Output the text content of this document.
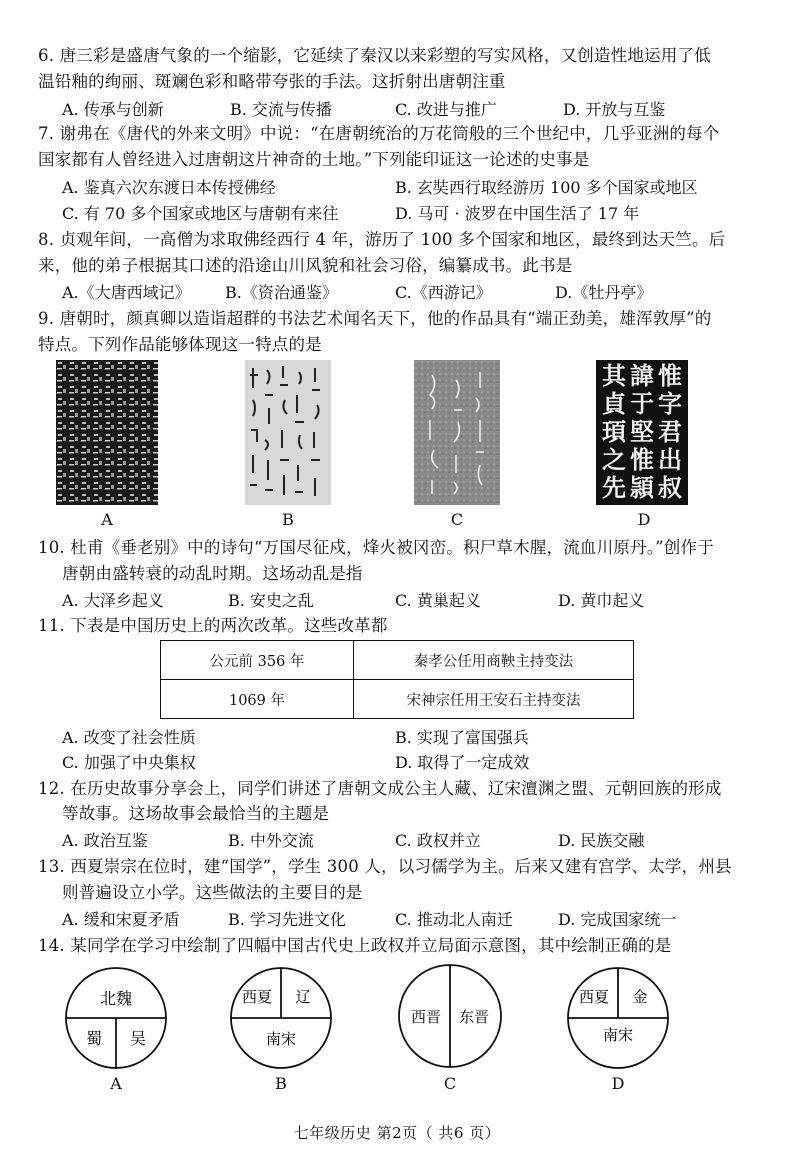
6. 唐三彩是盛唐气象的一个缩影，它延续了秦汉以来彩塑的写实风格，又创造性地运用了低
温铅釉的绚丽、斑斓色彩和略带夸张的手法。这折射出唐朝注重
A. 传承与创新	B. 交流与传播	C. 改进与推广	D. 开放与互鉴
7. 谢弗在《唐代的外来文明》中说：“在唐朝统治的万花筒般的三个世纪中，几乎亚洲的每个
国家都有人曾经进入过唐朝这片神奇的土地。”下列能印证这一论述的史事是
A. 鉴真六次东渡日本传授佛经	B. 玄奘西行取经游历 100 多个国家或地区
C. 有 70 多个国家或地区与唐朝有来往	D. 马可 · 波罗在中国生活了 17 年
8. 贞观年间，一高僧为求取佛经西行 4 年，游历了 100 多个国家和地区，最终到达天竺。后
来，他的弟子根据其口述的沿途山川风貌和社会习俗，编纂成书。此书是
A.《大唐西域记》 B.《资治通鉴》	C.《西游记》	D.《牡丹亭》
9. 唐朝时，颜真卿以造诣超群的书法艺术闻名天下，他的作品具有“端正劲美，雄浑敦厚”的
特点。下列作品能够体现这一特点的是
惟
字
君
出
叔
諱
于
堅
惟
頴
其
貞
頊
之
先
A	B	C	D
10. 杜甫《垂老别》中的诗句“万国尽征戍，烽火被冈峦。积尸草木腥，流血川原丹。”创作于
唐朝由盛转衰的动乱时期。这场动乱是指
A. 大泽乡起义	B. 安史之乱	C. 黄巢起义	D. 黄巾起义
11. 下表是中国历史上的两次改革。这些改革都
公元前 356 年	秦孝公任用商鞅主持变法
1069 年	宋神宗任用王安石主持变法
A. 改变了社会性质	B. 实现了富国强兵
C. 加强了中央集权	D. 取得了一定成效
12. 在历史故事分享会上，同学们讲述了唐朝文成公主人藏、辽宋澶渊之盟、元朝回族的形成
等故事。这场故事会最恰当的主题是
A. 政治互鉴	B. 中外交流	C. 政权并立	D. 民族交融
13. 西夏崇宗在位时，建“国学”，学生 300 人，以习儒学为主。后来又建有宫学、太学，州县
则普遍设立小学。这些做法的主要目的是
A. 缓和宋夏矛盾	B. 学习先进文化	C. 推动北人南迁	D. 完成国家统一
14. 某同学在学习中绘制了四幅中国古代史上政权并立局面示意图，其中绘制正确的是
北魏
蜀 吴
西夏 辽
南宋
西晋 东晋
西夏 金
南宋
A	B	C	D
七年级历史 第2页（ 共6 页）
